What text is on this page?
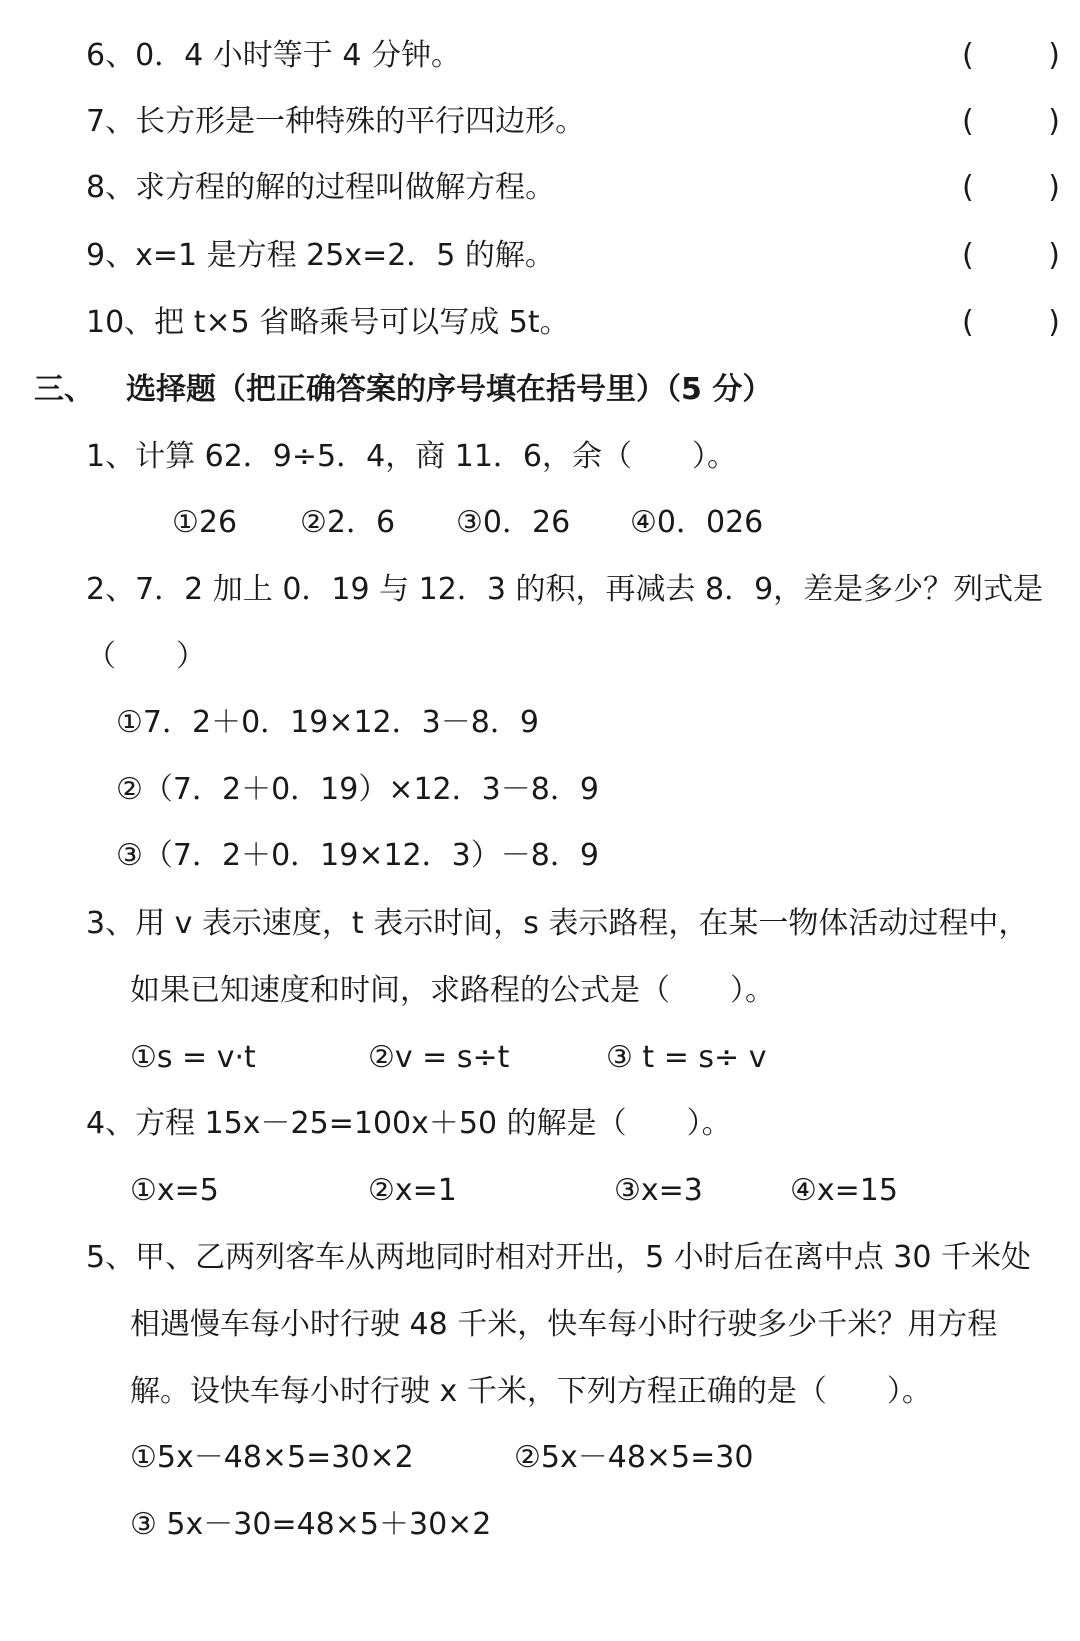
6、0．4 小时等于 4 分钟。	( )
7、长方形是一种特殊的平行四边形。	( )
8、求方程的解的过程叫做解方程。	( )
9、x=1 是方程 25x=2．5 的解。	( )
10、把 t×5 省略乘号可以写成 5t。	( )
三、 选择题（把正确答案的序号填在括号里）（5 分）
1、计算 62．9÷5．4，商 11．6，余（　　）。
①26 ②2．6 ③0．26 ④0．026
2、7．2 加上 0．19 与 12．3 的积，再减去 8．9，差是多少？列式是
（　　）
①7．2＋0．19×12．3－8．9
②（7．2＋0．19）×12．3－8．9
③（7．2＋0．19×12．3）－8．9
3、用 v 表示速度，t 表示时间，s 表示路程，在某一物体活动过程中，
如果已知速度和时间，求路程的公式是（　　）。
①s = v·t	②v = s÷t	③ t = s÷ v
4、方程 15x－25=100x＋50 的解是（　　）。
①x=5	②x=1	③x=3	④x=15
5、甲、乙两列客车从两地同时相对开出，5 小时后在离中点 30 千米处
相遇慢车每小时行驶 48 千米，快车每小时行驶多少千米？用方程
解。设快车每小时行驶 x 千米，下列方程正确的是（　　）。
①5x－48×5=30×2	②5x－48×5=30
③ 5x－30=48×5＋30×2
